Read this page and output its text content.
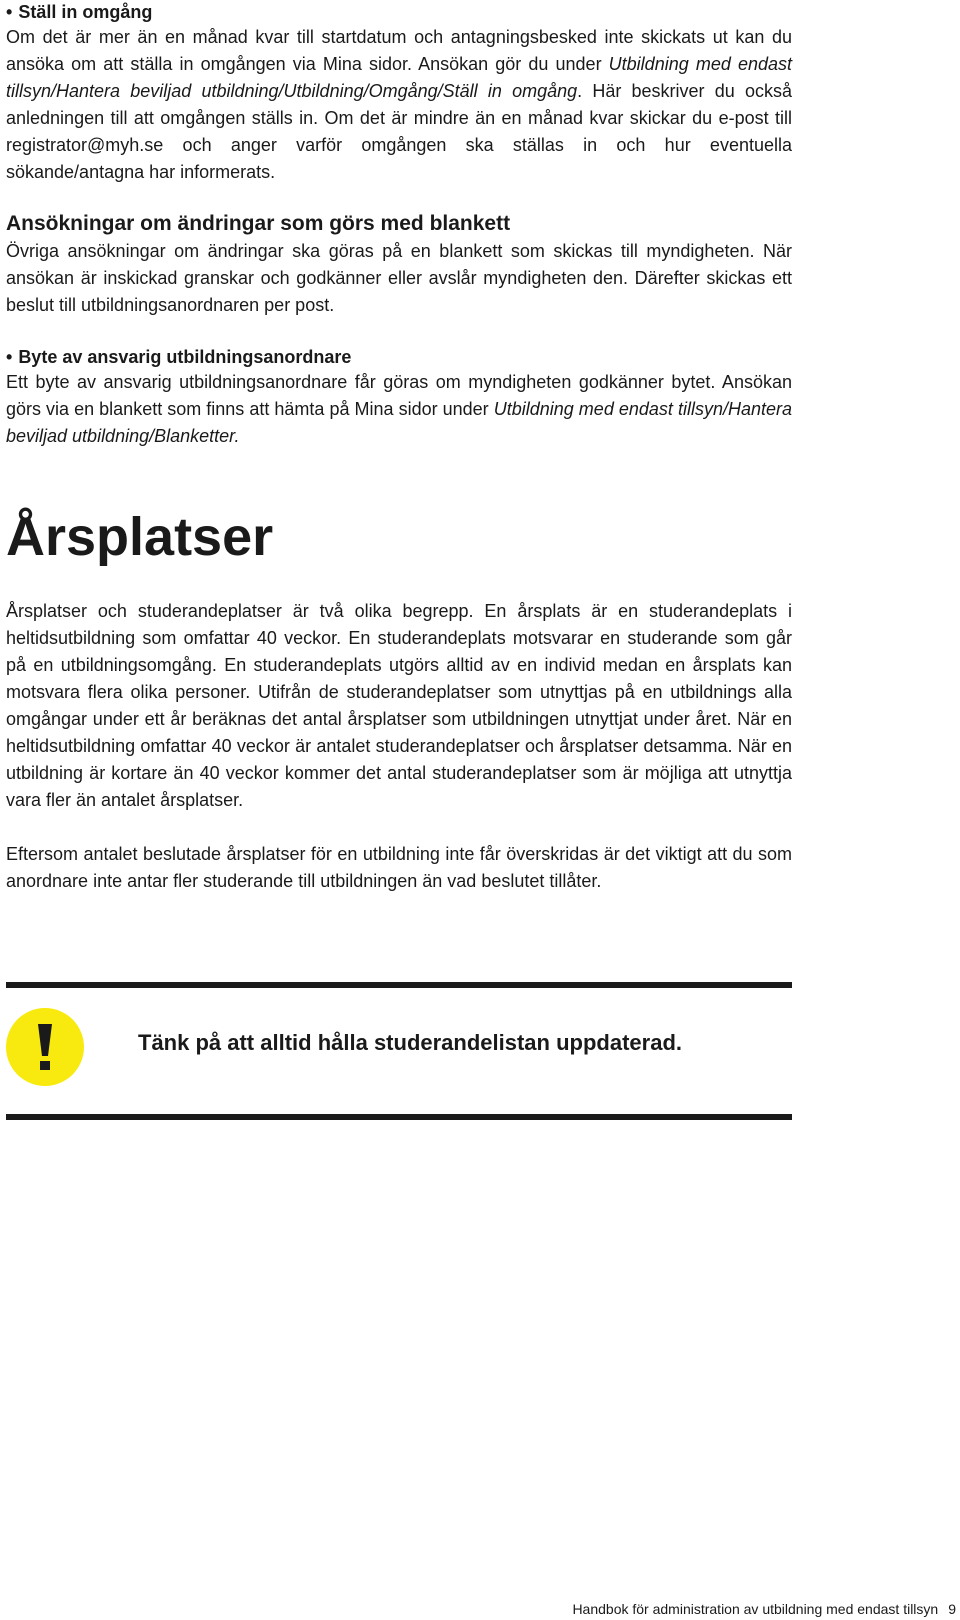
• Ställ in omgång

Om det är mer än en månad kvar till startdatum och antagningsbesked inte skickats ut kan du ansöka om att ställa in omgången via Mina sidor. Ansökan gör du under Utbildning med endast tillsyn/Hantera beviljad utbildning/Utbildning/Omgång/Ställ in omgång. Här beskriver du också anledningen till att omgången ställs in. Om det är mindre än en månad kvar skickar du e-post till registrator@myh.se och anger varför omgången ska ställas in och hur eventuella sökande/antagna har informerats.

Ansökningar om ändringar som görs med blankett

Övriga ansökningar om ändringar ska göras på en blankett som skickas till myndigheten. När ansökan är inskickad granskar och godkänner eller avslår myndigheten den. Därefter skickas ett beslut till utbildningsanordnaren per post.

• Byte av ansvarig utbildningsanordnare

Ett byte av ansvarig utbildningsanordnare får göras om myndigheten godkänner bytet. Ansökan görs via en blankett som finns att hämta på Mina sidor under Utbildning med endast tillsyn/Hantera beviljad utbildning/Blanketter.

Årsplatser

Årsplatser och studerandeplatser är två olika begrepp. En årsplats är en studerandeplats i heltidsutbildning som omfattar 40 veckor. En studerandeplats motsvarar en studerande som går på en utbildningsomgång. En studerandeplats utgörs alltid av en individ medan en årsplats kan motsvara flera olika personer. Utifrån de studerandeplatser som utnyttjas på en utbildnings alla omgångar under ett år beräknas det antal årsplatser som utbildningen utnyttjat under året. När en heltidsutbildning omfattar 40 veckor är antalet studerandeplatser och årsplatser detsamma. När en utbildning är kortare än 40 veckor kommer det antal studerandeplatser som är möjliga att utnyttja vara fler än antalet årsplatser.

Eftersom antalet beslutade årsplatser för en utbildning inte får överskridas är det viktigt att du som anordnare inte antar fler studerande till utbildningen än vad beslutet tillåter.

Tänk på att alltid hålla studerandelistan uppdaterad.

Handbok för administration av utbildning med endast tillsyn 9
